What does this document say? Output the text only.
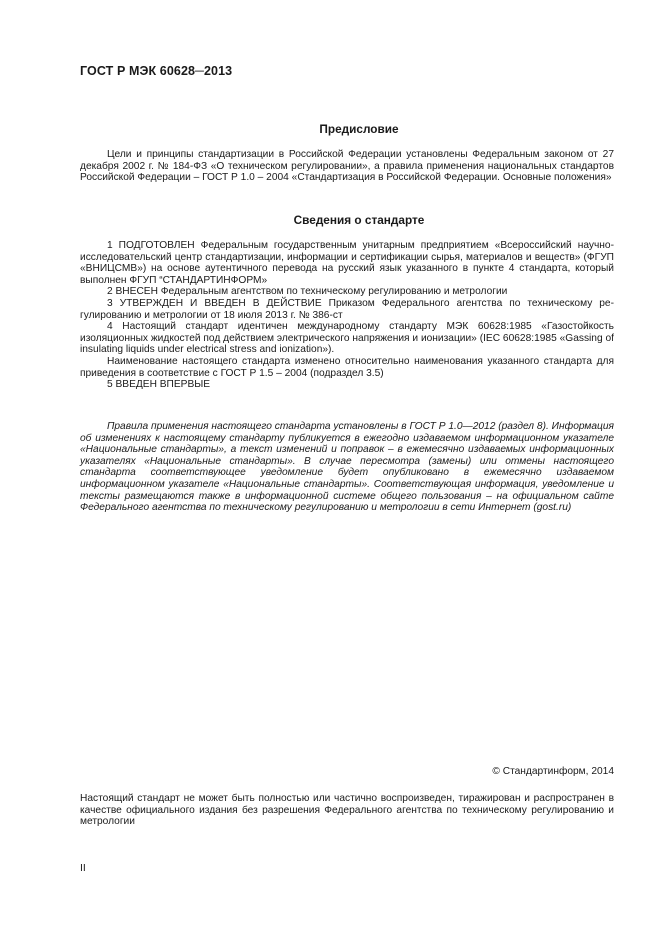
ГОСТ Р МЭК 60628─2013
Предисловие

Цели и принципы стандартизации в Российской Федерации установлены Федеральным законом от 27 декабря 2002 г. № 184-ФЗ «О техническом регулировании», а правила применения национальных стандартов Российской Федерации – ГОСТ Р 1.0 – 2004 «Стандартизация в Российской Федерации. Основные положения»

Сведения о стандарте

1 ПОДГОТОВЛЕН Федеральным государственным унитарным предприятием «Всероссийский научно-исследовательский центр стандартизации, информации и сертификации сырья, материалов и веществ» (ФГУП «ВНИЦСМВ») на основе аутентичного перевода на русский язык указанного в пункте 4 стандарта, который выполнен ФГУП “СТАНДАРТИНФОРМ»

2 ВНЕСЕН Федеральным агентством по техническому регулированию и метрологии

3 УТВЕРЖДЕН И ВВЕДЕН В ДЕЙСТВИЕ Приказом Федерального агентства по техническому регулированию и метрологии от 18 июля 2013 г. № 386-ст

4 Настоящий стандарт идентичен международному стандарту МЭК 60628:1985 «Газостойкость изоляционных жидкостей под действием электрического напряжения и ионизации» (IEC 60628:1985 «Gassing of insulating liquids under electrical stress and ionization»).

Наименование настоящего стандарта изменено относительно наименования указанного стандарта для приведения в соответствие с ГОСТ Р 1.5 – 2004 (подраздел 3.5)

5 ВВЕДЕН ВПЕРВЫЕ

Правила применения настоящего стандарта установлены в ГОСТ Р 1.0—2012 (раздел 8). Информация об изменениях к настоящему стандарту публикуется в ежегодно издаваемом информационном указателе «Национальные стандарты», а текст изменений и поправок – в ежемесячно издаваемых информационных указателях «Национальные стандарты». В случае пересмотра (замены) или отмены настоящего стандарта соответствующее уведомление будет опубликовано в ежемесячно издаваемом информационном указателе «Национальные стандарты». Соответствующая информация, уведомление и тексты размещаются также в информационной системе общего пользования – на официальном сайте Федерального агентства по техническому регулированию и метрологии в сети Интернет (gost.ru)

© Стандартинформ, 2014

Настоящий стандарт не может быть полностью или частично воспроизведен, тиражирован и распространен в качестве официального издания без разрешения Федерального агентства по техническому регулированию и метрологии

II
